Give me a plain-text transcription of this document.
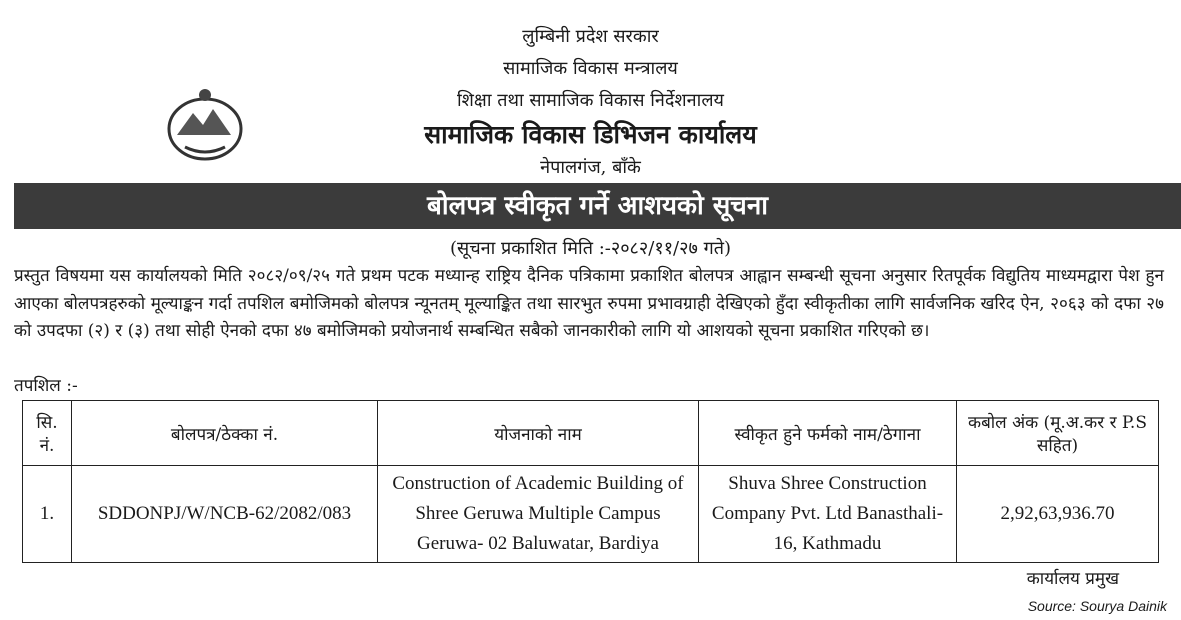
लुम्बिनी प्रदेश सरकार
सामाजिक विकास मन्त्रालय
शिक्षा तथा सामाजिक विकास निर्देशनालय
सामाजिक विकास डिभिजन कार्यालय
नेपालगंज, बाँके
बोलपत्र स्वीकृत गर्ने आशयको सूचना
(सूचना प्रकाशित मिति :-२०८२/११/२७ गते)
प्रस्तुत विषयमा यस कार्यालयको मिति २०८२/०९/२५ गते प्रथम पटक मध्यान्ह राष्ट्रिय दैनिक पत्रिकामा प्रकाशित बोलपत्र आह्वान सम्बन्धी सूचना अनुसार रितपूर्वक विद्युतिय माध्यमद्वारा पेश हुन आएका बोलपत्रहरुको मूल्याङ्कन गर्दा तपशिल बमोजिमको बोलपत्र न्यूनतम् मूल्याङ्कित तथा सारभुत रुपमा प्रभावग्राही देखिएको हुँदा स्वीकृतीका लागि सार्वजनिक खरिद ऐन, २०६३ को दफा २७ को उपदफा (२) र (३) तथा सोही ऐनको दफा ४७ बमोजिमको प्रयोजनार्थ सम्बन्धित सबैको जानकारीको लागि यो आशयको सूचना प्रकाशित गरिएको छ।
तपशिल :-
सि. नं.	बोलपत्र/ठेक्का नं.	योजनाको नाम	स्वीकृत हुने फर्मको नाम/ठेगाना	कबोल अंक (मू.अ.कर र P.S सहित)
1.	SDDONPJ/W/NCB-62/2082/083	Construction of Academic Building of Shree Geruwa Multiple Campus Geruwa- 02 Baluwatar, Bardiya	Shuva Shree Construction Company Pvt. Ltd Banasthali- 16, Kathmadu	2,92,63,936.70
कार्यालय प्रमुख
Source: Sourya Dainik
